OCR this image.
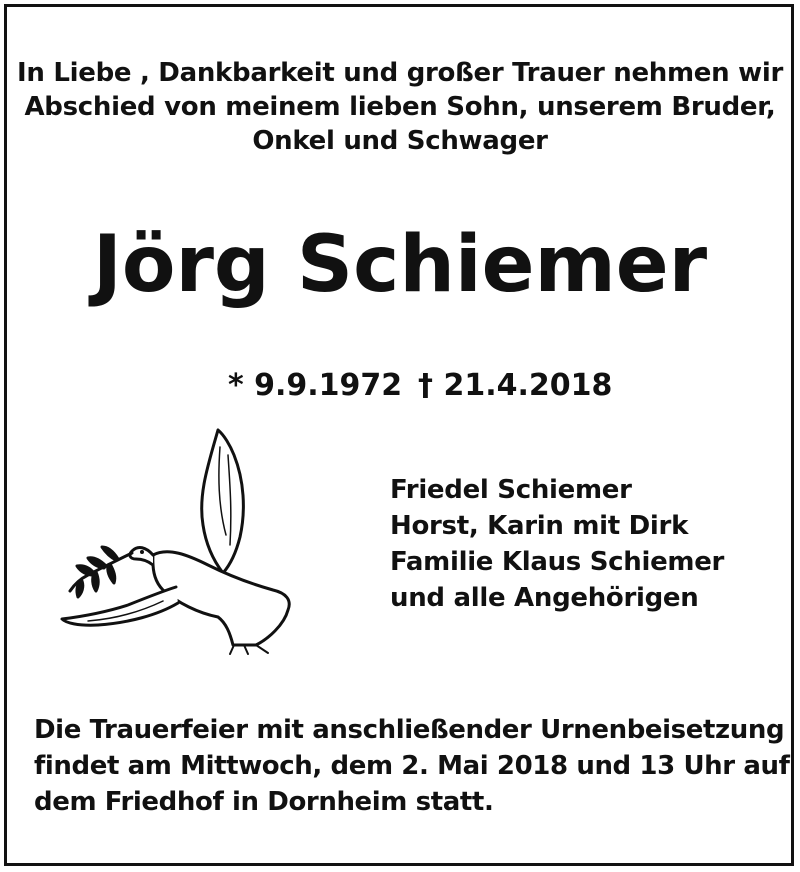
In Liebe , Dankbarkeit und großer Trauer nehmen wir
Abschied von meinem lieben Sohn, unserem Bruder,
Onkel und Schwager
Jörg Schiemer
* 9.9.1972 † 21.4.2018
Friedel Schiemer
Horst, Karin mit Dirk
Familie Klaus Schiemer
und alle Angehörigen
Die Trauerfeier mit anschließender Urnenbeisetzung
findet am Mittwoch, dem 2. Mai 2018 und 13 Uhr auf
dem Friedhof in Dornheim statt.
